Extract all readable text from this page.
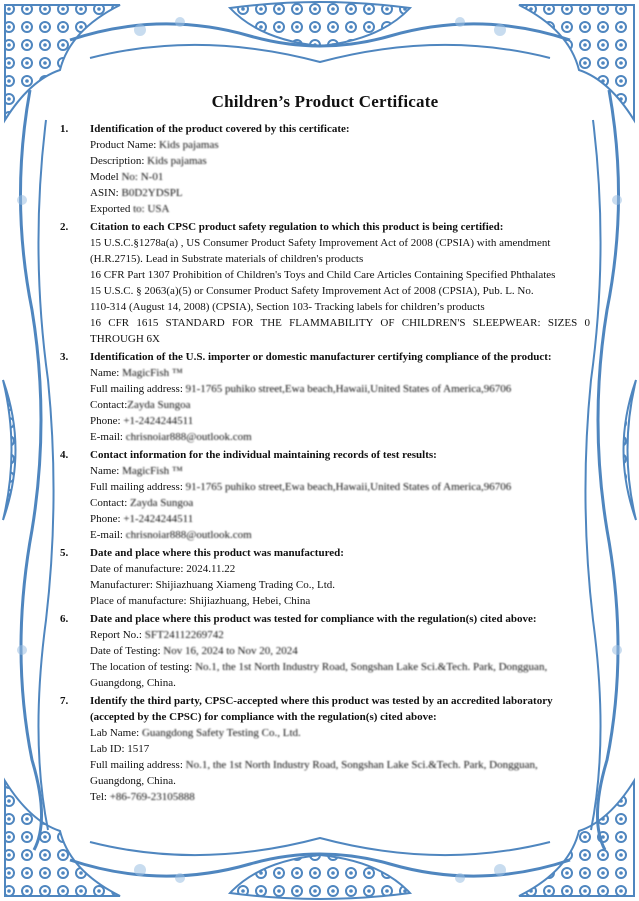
Children’s Product Certificate
1. Identification of the product covered by this certificate:
Product Name: Kids pajamas
Description: Kids pajamas
Model No: N-01
ASIN: B0D2YDSPL
Exported to: USA
2. Citation to each CPSC product safety regulation to which this product is being certified:
15 U.S.C.§1278a(a) , US Consumer Product Safety Improvement Act of 2008 (CPSIA) with amendment
(H.R.2715). Lead in Substrate materials of children's products
16 CFR Part 1307 Prohibition of Children's Toys and Child Care Articles Containing Specified Phthalates
15 U.S.C. § 2063(a)(5) or Consumer Product Safety Improvement Act of 2008 (CPSIA), Pub. L. No.
110-314 (August 14, 2008) (CPSIA), Section 103- Tracking labels for children’s products
16 CFR 1615 STANDARD FOR THE FLAMMABILITY OF CHILDREN'S SLEEPWEAR: SIZES 0
THROUGH 6X
3. Identification of the U.S. importer or domestic manufacturer certifying compliance of the product:
Name: MagicFish ™
Full mailing address: 91-1765 puhiko street,Ewa beach,Hawaii,United States of America,96706
Contact:Zayda Sungoa
Phone: +1-2424244511
E-mail: chrisnoiar888@outlook.com
4. Contact information for the individual maintaining records of test results:
Name: MagicFish ™
Full mailing address: 91-1765 puhiko street,Ewa beach,Hawaii,United States of America,96706
Contact: Zayda Sungoa
Phone: +1-2424244511
E-mail: chrisnoiar888@outlook.com
5. Date and place where this product was manufactured:
Date of manufacture: 2024.11.22
Manufacturer: Shijiazhuang Xiameng Trading Co., Ltd.
Place of manufacture: Shijiazhuang, Hebei, China
6. Date and place where this product was tested for compliance with the regulation(s) cited above:
Report No.: SFT24112269742
Date of Testing: Nov 16, 2024 to Nov 20, 2024
The location of testing: No.1, the 1st North Industry Road, Songshan Lake Sci.&Tech. Park, Dongguan,
Guangdong, China.
7. Identify the third party, CPSC-accepted where this product was tested by an accredited laboratory (accepted by the CPSC) for compliance with the regulation(s) cited above:
Lab Name: Guangdong Safety Testing Co., Ltd.
Lab ID: 1517
Full mailing address: No.1, the 1st North Industry Road, Songshan Lake Sci.&Tech. Park, Dongguan,
Guangdong, China.
Tel: +86-769-23105888
